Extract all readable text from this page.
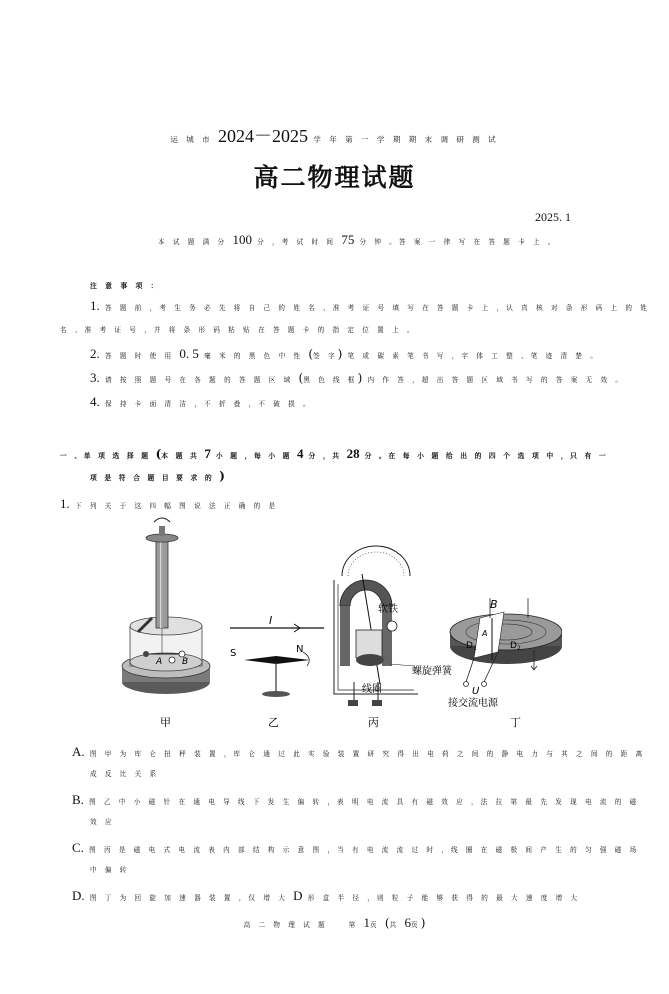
运 城 市 2024－2025 学 年 第 一 学 期 期 末 调 研 测 试
高二物理试题
2025. 1
本 试 题 满 分 100 分 ，考 试 时 间 75 分 钟 。答 案 一 律 写 在 答 题 卡 上 。
注 意 事 项 ：
1. 答 题 前 ，考 生 务 必 先 将 自 己 的 姓 名 、准 考 证 号 填 写 在 答 题 卡 上 ，认 真 核 对 条 形 码 上 的 姓
名 、准 考 证 号 ，并 将 条 形 码 粘 贴 在 答 题 卡 的 指 定 位 置 上 。
2. 答 题 时 使 用 0. 5 毫 米 的 黑 色 中 性 (签 字) 笔 或 碳 素 笔 书 写 ，字 体 工 整 、笔 迹 清 楚 。
3. 请 按 照 题 号 在 各 题 的 答 题 区 域 (黑 色 线 框) 内 作 答 ，超 出 答 题 区 域 书 写 的 答 案 无 效 。
4. 保 持 卡 面 清 洁 ，不 折 叠 ，不 破 损 。
一 、单 项 选 择 题 (本 题 共 7 小 题 ，每 小 题 4 分 ，共 28 分 。在 每 小 题 给 出 的 四 个 选 项 中 ，只 有 一
项 是 符 合 题 目 要 求 的 )
1. 下 列 关 于 这 四 幅 图 说 法 正 确 的 是
A B
甲
I
S	N
乙
软铁
螺旋弹簧
线圈
丙
B
A
$D_1$	$D_2$
U
接交流电源
丁
A. 图 甲 为 库 仑 扭 秤 装 置 ，库 仑 通 过 此 实 验 装 置 研 究 得 出 电 荷 之 间 的 静 电 力 与 其 之 间 的 距 离
成 反 比 关 系
B. 图 乙 中 小 磁 针 在 通 电 导 线 下 发 生 偏 转 ，表 明 电 流 具 有 磁 效 应 ，法 拉 第 最 先 发 现 电 流 的 磁
效 应
C. 图 丙 是 磁 电 式 电 流 表 内 部 结 构 示 意 图 ，当 有 电 流 流 过 时 ，线 圈 在 磁 极 间 产 生 的 匀 强 磁 场
中 偏 转
D. 图 丁 为 回 旋 加 速 器 装 置 ，仅 增 大 D 形 盒 半 径 ，则 粒 子 能 够 获 得 的 最 大 速 度 增 大
高 二 物 理 试 题	第 1页 (共 6页)
